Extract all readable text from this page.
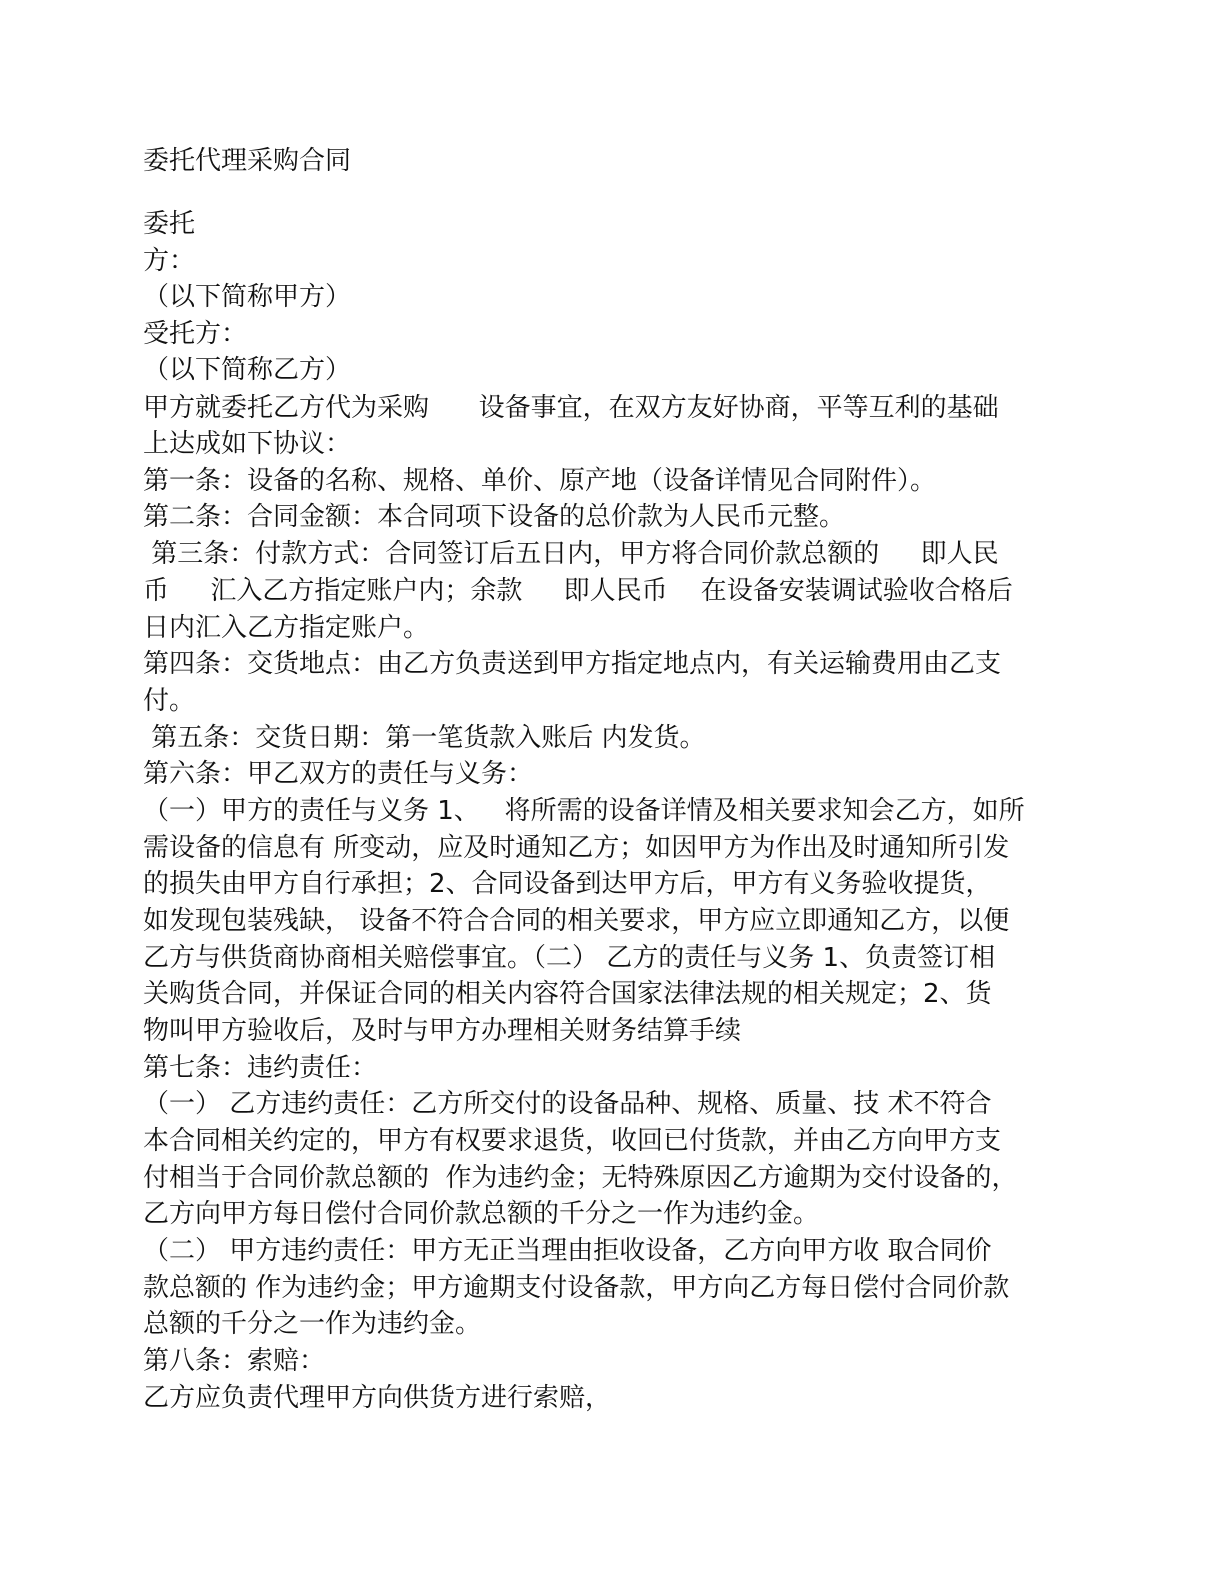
委托代理采购合同
委托
方：
（以下简称甲方）
受托方：
（以下简称乙方）
甲方就委托乙方代为采购      设备事宜，在双方友好协商，平等互利的基础
上达成如下协议：
第一条：设备的名称、规格、单价、原产地（设备详情见合同附件）。
第二条：合同金额：本合同项下设备的总价款为人民币元整。
第三条：付款方式：合同签订后五日内，甲方将合同价款总额的     即人民
币     汇入乙方指定账户内；余款     即人民币    在设备安装调试验收合格后
日内汇入乙方指定账户。
第四条：交货地点：由乙方负责送到甲方指定地点内，有关运输费用由乙支
付。
第五条：交货日期：第一笔货款入账后 内发货。
第六条：甲乙双方的责任与义务：
（一）甲方的责任与义务 1、   将所需的设备详情及相关要求知会乙方，如所
需设备的信息有 所变动，应及时通知乙方；如因甲方为作出及时通知所引发
的损失由甲方自行承担；2、合同设备到达甲方后，甲方有义务验收提货，
如发现包装残缺， 设备不符合合同的相关要求，甲方应立即通知乙方，以便
乙方与供货商协商相关赔偿事宜。（二） 乙方的责任与义务 1、负责签订相
关购货合同，并保证合同的相关内容符合国家法律法规的相关规定；2、货
物叫甲方验收后，及时与甲方办理相关财务结算手续
第七条：违约责任：
（一） 乙方违约责任：乙方所交付的设备品种、规格、质量、技 术不符合
本合同相关约定的，甲方有权要求退货，收回已付货款，并由乙方向甲方支
付相当于合同价款总额的  作为违约金；无特殊原因乙方逾期为交付设备的，
乙方向甲方每日偿付合同价款总额的千分之一作为违约金。
（二） 甲方违约责任：甲方无正当理由拒收设备，乙方向甲方收 取合同价
款总额的 作为违约金；甲方逾期支付设备款，甲方向乙方每日偿付合同价款
总额的千分之一作为违约金。
第八条：索赔：
乙方应负责代理甲方向供货方进行索赔，
